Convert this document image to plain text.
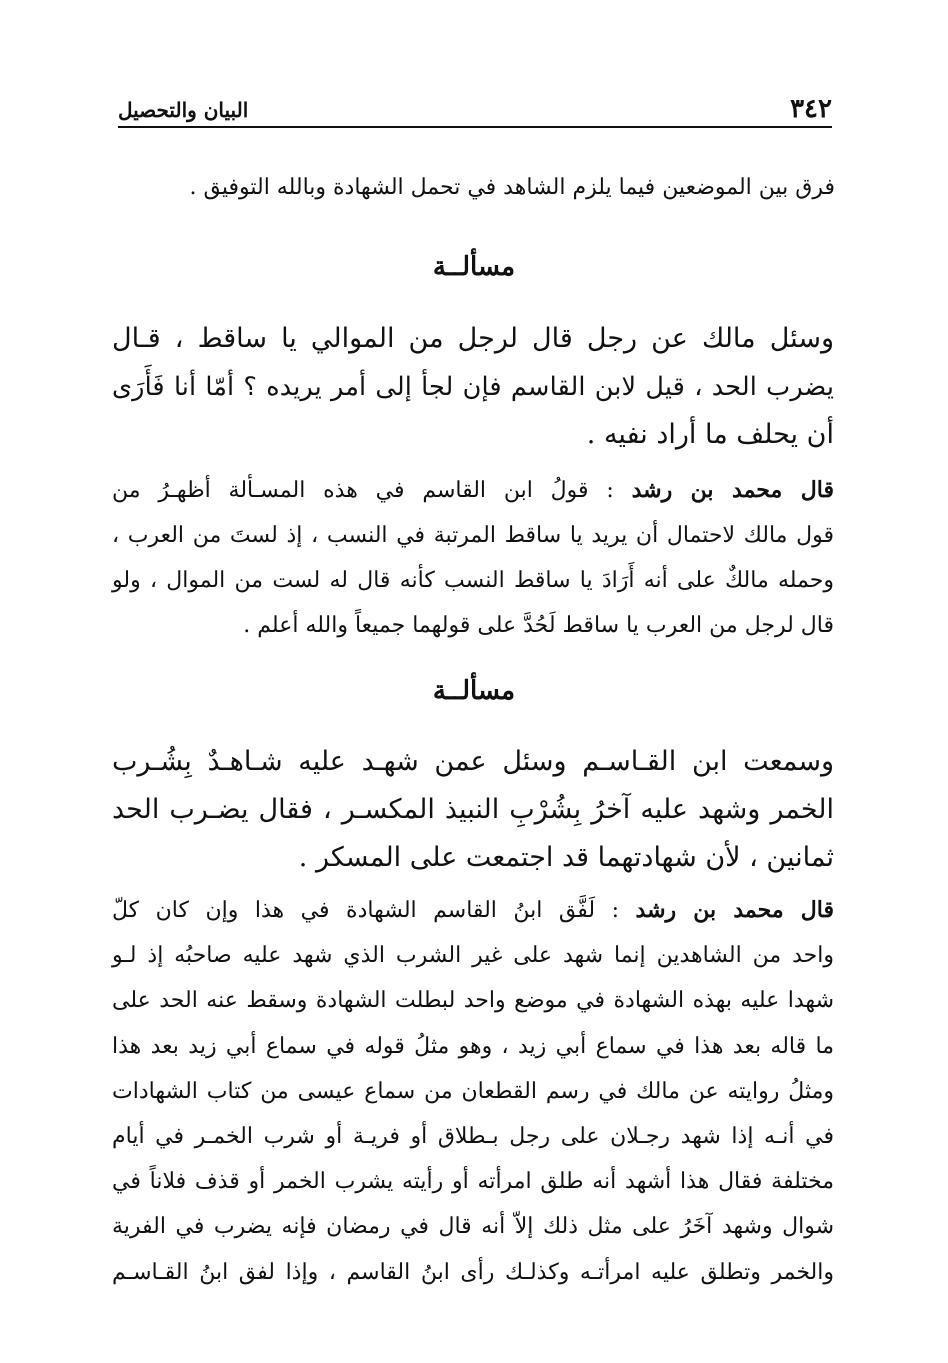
٣٤٢
البيان والتحصيل

فرق بين الموضعين فيما يلزم الشاهد في تحمل الشهادة وبالله التوفيق .

مسألــة

وسئل مالك عن رجل قال لرجل من الموالي يا ساقط ، قـال
يضرب الحد ، قيل لابن القاسم فإن لجأ إلى أمر يريده ؟ أمّا أنا فَأَرَى
أن يحلف ما أراد نفيه .

قال محمد بن رشد : قولُ ابن القاسم في هذه المسـألة أظهـرُ من
قول مالك لاحتمال أن يريد يا ساقط المرتبة في النسب ، إذ لستَ من العرب ،
وحمله مالكٌ على أنه أَرَادَ يا ساقط النسب كأنه قال له لست من الموال ، ولو
قال لرجل من العرب يا ساقط لَحُدَّ على قولهما جميعاً والله أعلم .

مسألــة

وسمعت ابن القـاسـم وسئل عمن شهـد عليه شـاهـدٌ بِشُـرب
الخمر وشهد عليه آخرُ بِشُرْبِ النبيذ المكسـر ، فقال يضـرب الحد
ثمانين ، لأن شهادتهما قد اجتمعت على المسكر .

قال محمد بن رشد : لَفَّق ابنُ القاسم الشهادة في هذا وإن كان كلّ
واحد من الشاهدين إنما شهد على غير الشرب الذي شهد عليه صاحبُه إذ لـو
شهدا عليه بهذه الشهادة في موضع واحد لبطلت الشهادة وسقط عنه الحد على
ما قاله بعد هذا في سماع أبي زيد ، وهو مثلُ قوله في سماع أبي زيد بعد هذا
ومثلُ روايته عن مالك في رسم القطعان من سماع عيسى من كتاب الشهادات
في أنـه إذا شهد رجـلان على رجل بـطلاق أو فريـة أو شرب الخمـر في أيام
مختلفة فقال هذا أشهد أنه طلق امرأته أو رأيته يشرب الخمر أو قذف فلاناً في
شوال وشهد آخَرُ على مثل ذلك إلاّ أنه قال في رمضان فإنه يضرب في الفرية
والخمر وتطلق عليه امرأتـه وكذلـك رأى ابنُ القاسم ، وإذا لفق ابنُ القـاسـم
